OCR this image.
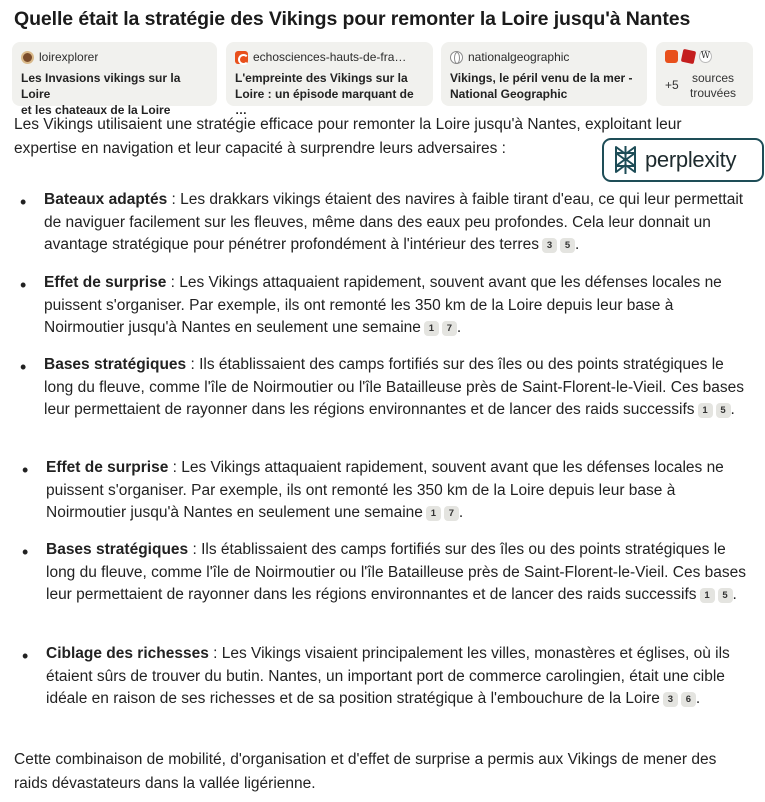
Quelle était la stratégie des Vikings pour remonter la Loire jusqu'à Nantes
loirexplorer
Les Invasions vikings sur la Loire
et les chateaux de la Loire
echosciences-hauts-de-fra…
L'empreinte des Vikings sur la
Loire : un épisode marquant de …
nationalgeographic
Vikings, le péril venu de la mer -
National Geographic
W
+5	sources
trouvées
Les Vikings utilisaient une stratégie efficace pour remonter la Loire jusqu'à Nantes, exploitant leur expertise en navigation et leur capacité à surprendre leurs adversaires :	perplexity
• Bateaux adaptés : Les drakkars vikings étaient des navires à faible tirant d'eau, ce qui leur permettait de naviguer facilement sur les fleuves, même dans des eaux peu profondes. Cela leur donnait un avantage stratégique pour pénétrer profondément à l'intérieur des terres 3 5 .
• Effet de surprise : Les Vikings attaquaient rapidement, souvent avant que les défenses locales ne puissent s'organiser. Par exemple, ils ont remonté les 350 km de la Loire depuis leur base à Noirmoutier jusqu'à Nantes en seulement une semaine 1 7 .
• Bases stratégiques : Ils établissaient des camps fortifiés sur des îles ou des points stratégiques le long du fleuve, comme l'île de Noirmoutier ou l'île Batailleuse près de Saint-Florent-le-Vieil. Ces bases leur permettaient de rayonner dans les régions environnantes et de lancer des raids successifs 1 5 .
• Effet de surprise : Les Vikings attaquaient rapidement, souvent avant que les défenses locales ne puissent s'organiser. Par exemple, ils ont remonté les 350 km de la Loire depuis leur base à Noirmoutier jusqu'à Nantes en seulement une semaine 1 7 .
• Bases stratégiques : Ils établissaient des camps fortifiés sur des îles ou des points stratégiques le long du fleuve, comme l'île de Noirmoutier ou l'île Batailleuse près de Saint-Florent-le-Vieil. Ces bases leur permettaient de rayonner dans les régions environnantes et de lancer des raids successifs 1 5 .
• Ciblage des richesses : Les Vikings visaient principalement les villes, monastères et églises, où ils étaient sûrs de trouver du butin. Nantes, un important port de commerce carolingien, était une cible idéale en raison de ses richesses et de sa position stratégique à l'embouchure de la Loire 3 6 .
Cette combinaison de mobilité, d'organisation et d'effet de surprise a permis aux Vikings de mener des raids dévastateurs dans la vallée ligérienne.
